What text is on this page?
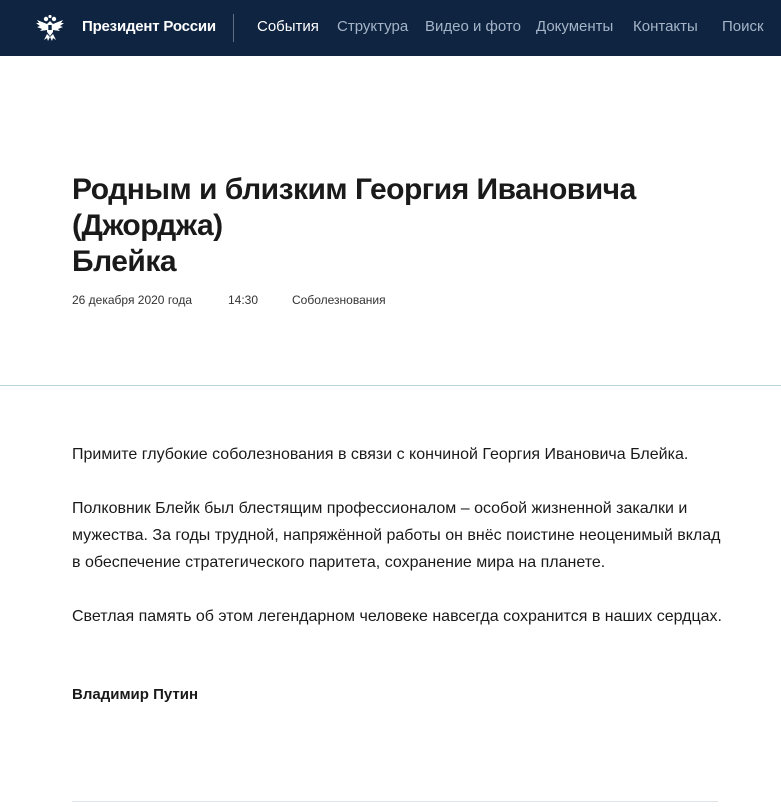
Президент России	События Структура Видео и фото Документы Контакты Поиск
Родным и близким Георгия Ивановича (Джорджа)
Блейка
26 декабря 2020 года	14:30	Соболезнования

Примите глубокие соболезнования в связи с кончиной Георгия Ивановича Блейка.

Полковник Блейк был блестящим профессионалом – особой жизненной закалки и мужества. За годы трудной, напряжённой работы он внёс поистине неоценимый вклад в обеспечение стратегического паритета, сохранение мира на планете.

Светлая память об этом легендарном человеке навсегда сохранится в наших сердцах.

Владимир Путин
